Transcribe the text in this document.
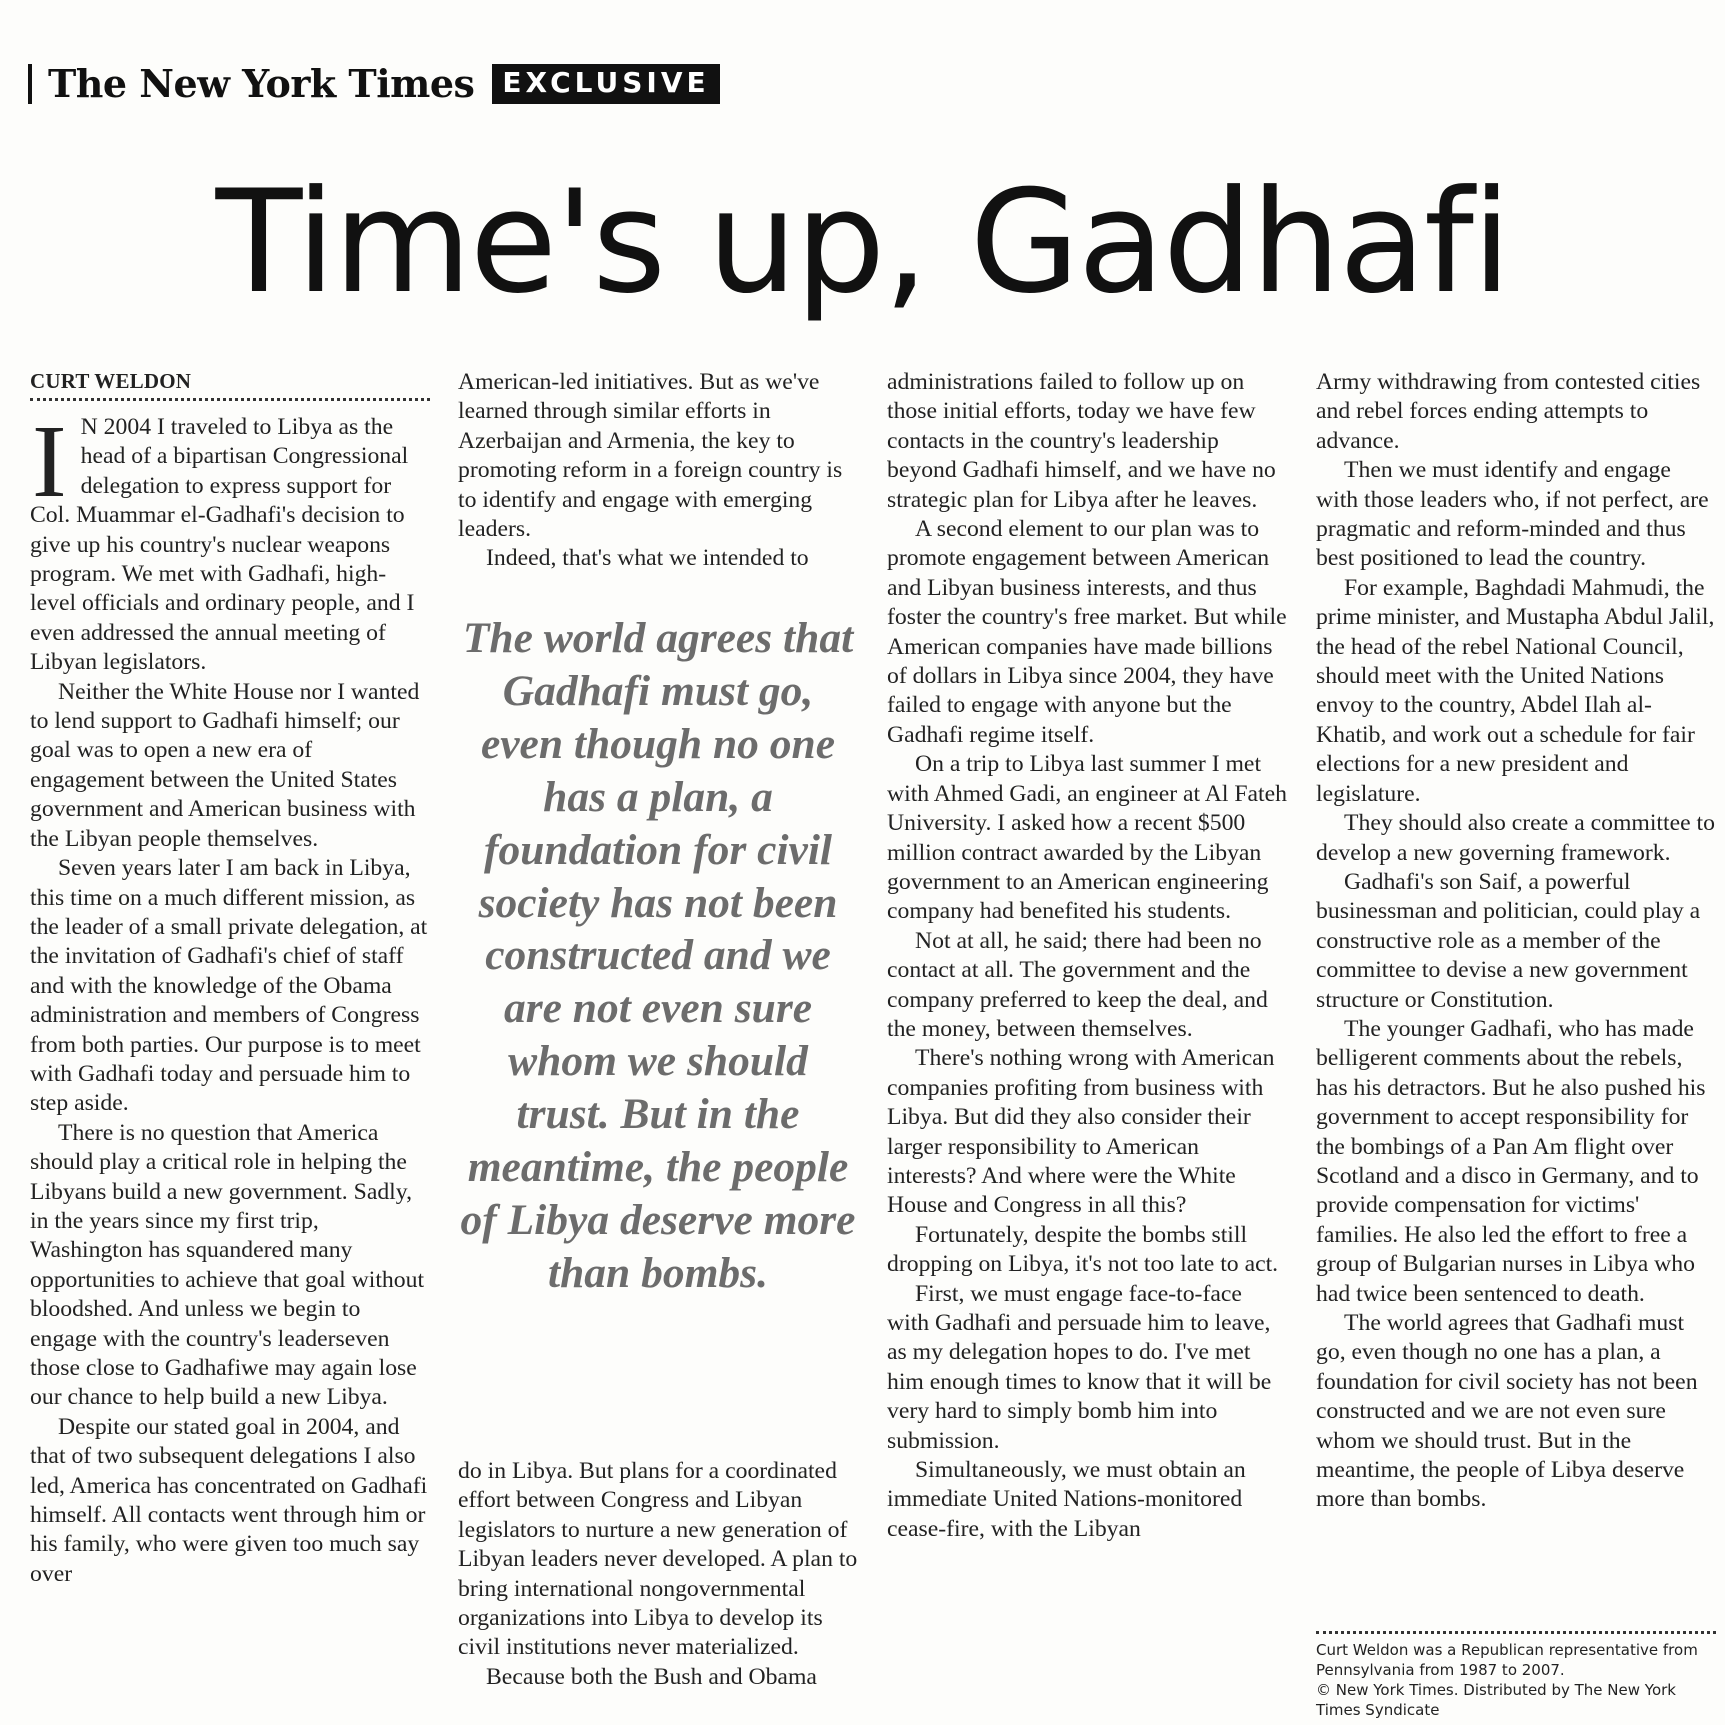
The New York Times	EXCLUSIVE
Time's up, Gadhafi
CURT WELDON

I N 2004 I traveled to Libya as the head of a bipartisan Congressional delegation to express support for Col. Muammar el-Gadhafi's decision to give up his country's nuclear weapons program. We met with Gadhafi, high-level officials and ordinary people, and I even addressed the annual meeting of Libyan legislators.

Neither the White House nor I wanted to lend support to Gadhafi himself; our goal was to open a new era of engagement between the United States government and American business with the Libyan people themselves.

Seven years later I am back in Libya, this time on a much different mission, as the leader of a small private delegation, at the invitation of Gadhafi's chief of staff and with the knowledge of the Obama administration and members of Congress from both parties. Our purpose is to meet with Gadhafi today and persuade him to step aside.

There is no question that America should play a critical role in helping the Libyans build a new government. Sadly, in the years since my first trip, Washington has squandered many opportunities to achieve that goal without bloodshed. And unless we begin to engage with the country's leaderseven those close to Gadhafiwe may again lose our chance to help build a new Libya.

Despite our stated goal in 2004, and that of two subsequent delegations I also led, America has concentrated on Gadhafi himself. All contacts went through him or his family, who were given too much say over

American-led initiatives. But as we've learned through similar efforts in Azerbaijan and Armenia, the key to promoting reform in a foreign country is to identify and engage with emerging leaders.

Indeed, that's what we intended to

The world agrees that Gadhafi must go, even though no one has a plan, a foundation for civil society has not been constructed and we are not even sure whom we should trust. But in the meantime, the people of Libya deserve more than bombs.

do in Libya. But plans for a coordinated effort between Congress and Libyan legislators to nurture a new generation of Libyan leaders never developed. A plan to bring international nongovernmental organizations into Libya to develop its civil institutions never materialized.

Because both the Bush and Obama

administrations failed to follow up on those initial efforts, today we have few contacts in the country's leadership beyond Gadhafi himself, and we have no strategic plan for Libya after he leaves.

A second element to our plan was to promote engagement between American and Libyan business interests, and thus foster the country's free market. But while American companies have made billions of dollars in Libya since 2004, they have failed to engage with anyone but the Gadhafi regime itself.

On a trip to Libya last summer I met with Ahmed Gadi, an engineer at Al Fateh University. I asked how a recent $500 million contract awarded by the Libyan government to an American engineering company had benefited his students.

Not at all, he said; there had been no contact at all. The government and the company preferred to keep the deal, and the money, between themselves.

There's nothing wrong with American companies profiting from business with Libya. But did they also consider their larger responsibility to American interests? And where were the White House and Congress in all this?

Fortunately, despite the bombs still dropping on Libya, it's not too late to act.

First, we must engage face-to-face with Gadhafi and persuade him to leave, as my delegation hopes to do. I've met him enough times to know that it will be very hard to simply bomb him into submission.

Simultaneously, we must obtain an immediate United Nations-monitored cease-fire, with the Libyan

Army withdrawing from contested cities and rebel forces ending attempts to advance.

Then we must identify and engage with those leaders who, if not perfect, are pragmatic and reform-minded and thus best positioned to lead the country.

For example, Baghdadi Mahmudi, the prime minister, and Mustapha Abdul Jalil, the head of the rebel National Council, should meet with the United Nations envoy to the country, Abdel Ilah al-Khatib, and work out a schedule for fair elections for a new president and legislature.

They should also create a committee to develop a new governing framework.

Gadhafi's son Saif, a powerful businessman and politician, could play a constructive role as a member of the committee to devise a new government structure or Constitution.

The younger Gadhafi, who has made belligerent comments about the rebels, has his detractors. But he also pushed his government to accept responsibility for the bombings of a Pan Am flight over Scotland and a disco in Germany, and to provide compensation for victims' families. He also led the effort to free a group of Bulgarian nurses in Libya who had twice been sentenced to death.

The world agrees that Gadhafi must go, even though no one has a plan, a foundation for civil society has not been constructed and we are not even sure whom we should trust. But in the meantime, the people of Libya deserve more than bombs.

Curt Weldon was a Republican representative from Pennsylvania from 1987 to 2007.
© New York Times. Distributed by The New York Times Syndicate
